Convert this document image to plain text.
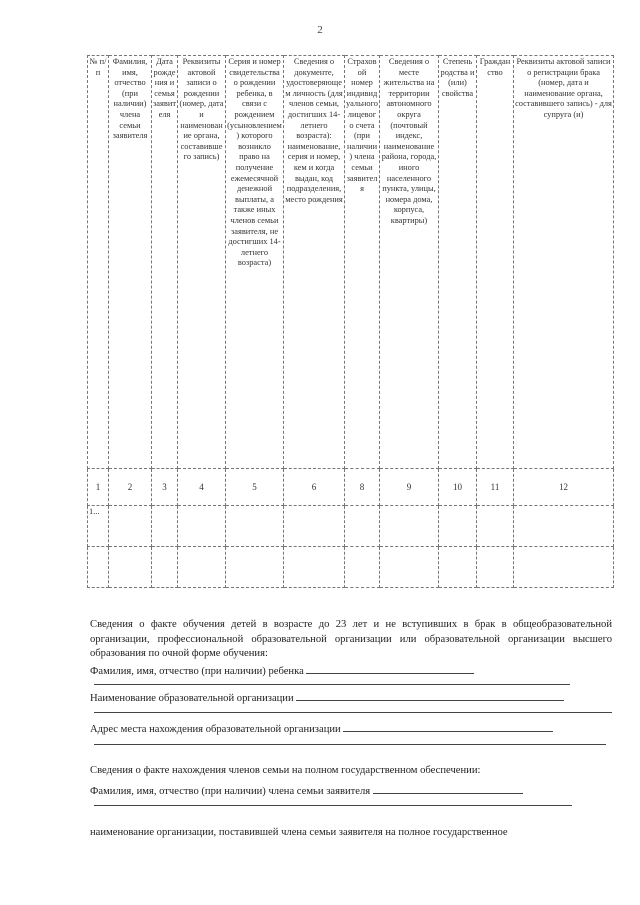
2
№ п/п	Фамилия, имя, отчество (при наличии) члена семьи заявителя	Дата рождения и семья заявителя	Реквизиты актовой записи о рождении (номер, дата и наименование органа, составившего запись)	Серия и номер свидетельства о рождении ребенка, в связи с рождением (усыновлением) которого возникло право на получение ежемесячной денежной выплаты, а также иных членов семьи заявителя, не достигших 14-летнего возраста)	Сведения о документе, удостоверяющем личность (для членов семьи, достигших 14-летнего возраста): наименование, серия и номер, кем и когда выдан, код подразделения, место рождения	Страховой номер индивидуального лицевого счета (при наличии) члена семьи заявителя	Сведения о месте жительства на территории автономного округа (почтовый индекс, наименование района, города, иного населенного пункта, улицы, номера дома, корпуса, квартиры)	Степень родства и (или) свойства	Гражданство	Реквизиты актовой записи о регистрации брака (номер, дата и наименование органа, составившего запись) - для супруга (и)
1	2	3	4	5	6	8	9	10	11	12
1...										

Сведения о факте обучения детей в возрасте до 23 лет и не вступивших в брак в общеобразовательной организации, профессиональной образовательной организации или образовательной организации высшего образования по очной форме обучения:
Фамилия, имя, отчество (при наличии) ребенка
Наименование образовательной организации
Адрес места нахождения образовательной организации
Сведения о факте нахождения членов семьи на полном государственном обеспечении:
Фамилия, имя, отчество (при наличии) члена семьи заявителя
наименование организации, поставившей члена семьи заявителя на полное государственное
